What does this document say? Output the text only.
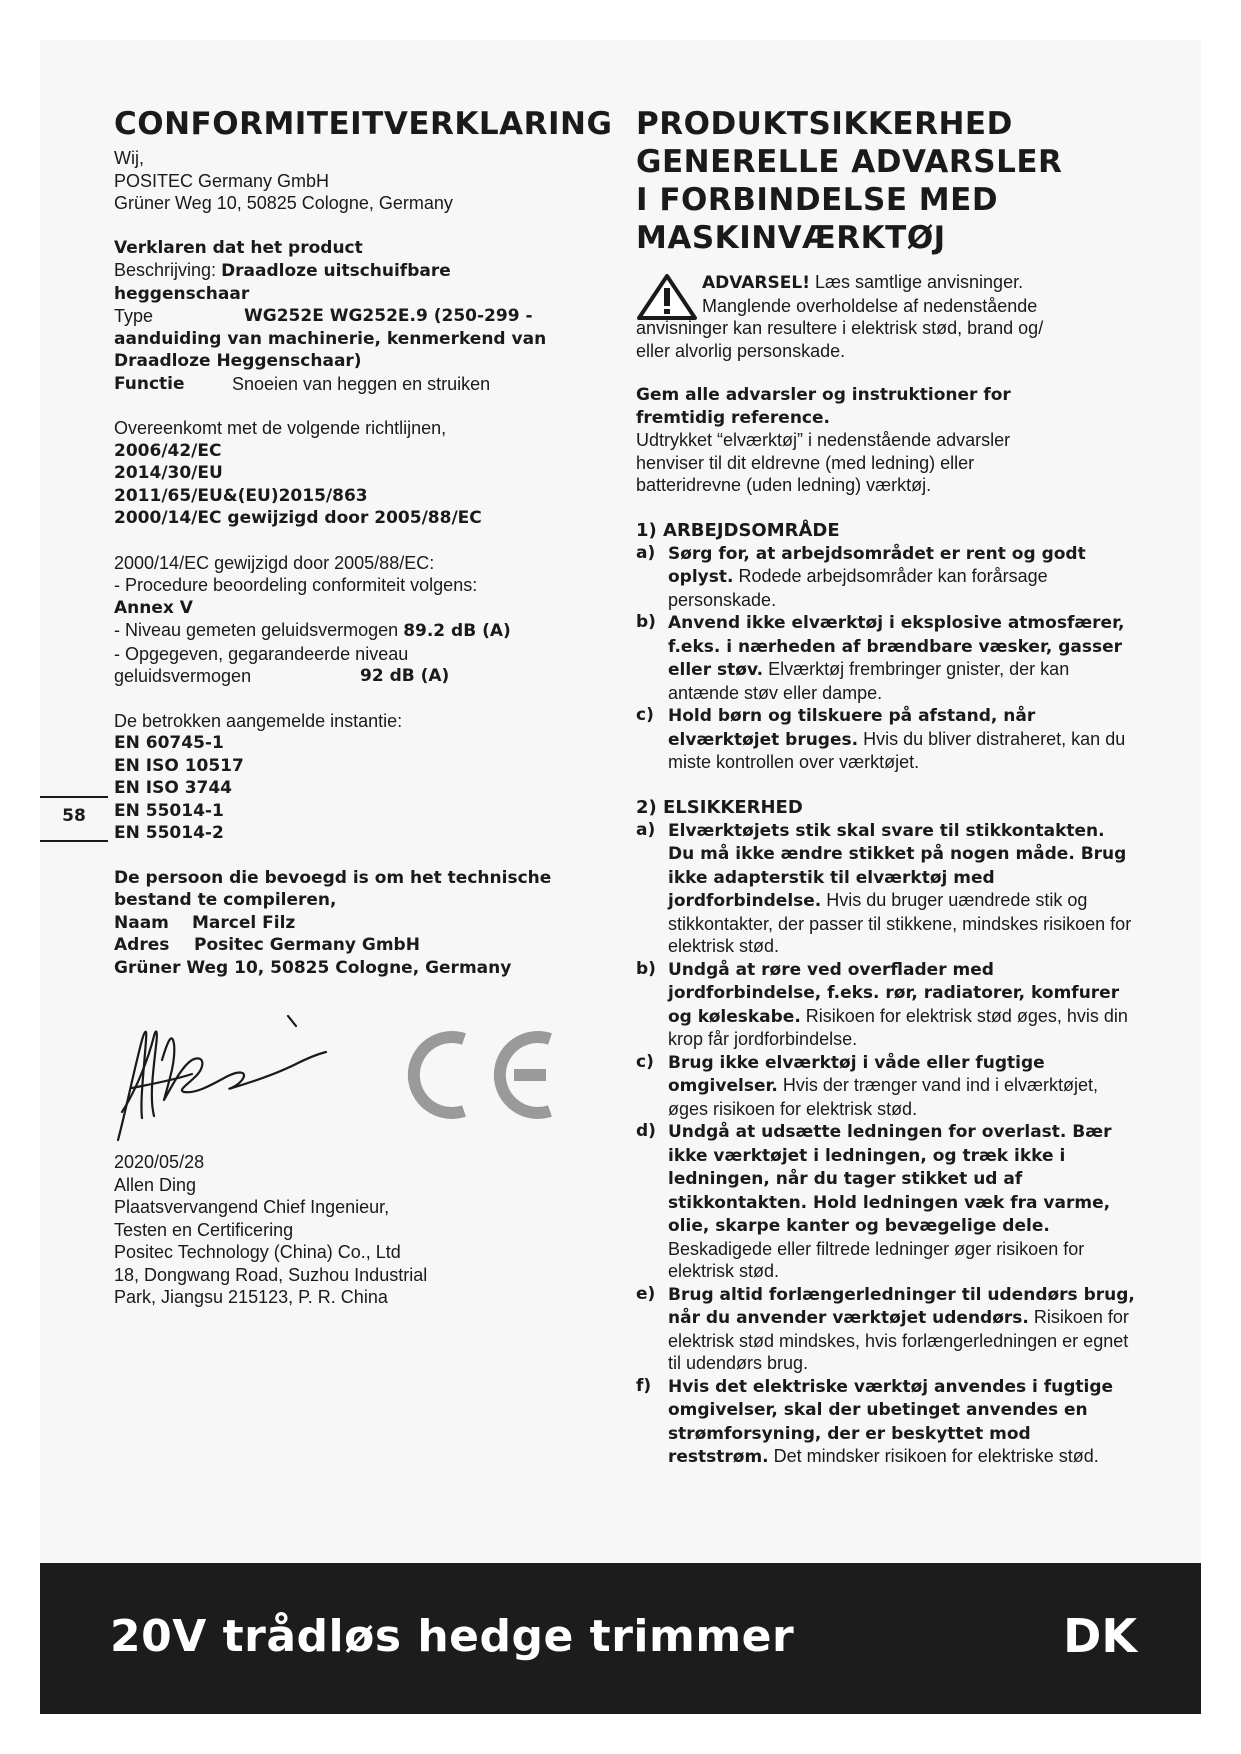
CONFORMITEITVERKLARING
Wij,
POSITEC Germany GmbH
Grüner Weg 10, 50825 Cologne, Germany
Verklaren dat het product
Beschrijving: Draadloze uitschuifbare
heggenschaar
Type	WG252E WG252E.9 (250-299 -
aanduiding van machinerie, kenmerkend van
Draadloze Heggenschaar)
Functie	Snoeien van heggen en struiken
Overeenkomt met de volgende richtlijnen,
2006/42/EC
2014/30/EU
2011/65/EU&(EU)2015/863
2000/14/EC gewijzigd door 2005/88/EC
2000/14/EC gewijzigd door 2005/88/EC:
- Procedure beoordeling conformiteit volgens:
Annex V
- Niveau gemeten geluidsvermogen 89.2 dB (A)
- Opgegeven, gegarandeerde niveau
geluidsvermogen	92 dB (A)
De betrokken aangemelde instantie:
EN 60745-1
EN ISO 10517
EN ISO 3744
EN 55014-1
EN 55014-2
De persoon die bevoegd is om het technische
bestand te compileren,
Naam	Marcel Filz
Adres	Positec Germany GmbH
Grüner Weg 10, 50825 Cologne, Germany
2020/05/28
Allen Ding
Plaatsvervangend Chief Ingenieur,
Testen en Certificering
Positec Technology (China) Co., Ltd
18, Dongwang Road, Suzhou Industrial
Park, Jiangsu 215123, P. R. China
58
PRODUKTSIKKERHED
GENERELLE ADVARSLER
I FORBINDELSE MED
MASKINVÆRKTØJ
ADVARSEL! Læs samtlige anvisninger.
Manglende overholdelse af nedenstående
anvisninger kan resultere i elektrisk stød, brand og/
eller alvorlig personskade.
Gem alle advarsler og instruktioner for
fremtidig reference.
Udtrykket “elværktøj” i nedenstående advarsler
henviser til dit eldrevne (med ledning) eller
batteridrevne (uden ledning) værktøj.
1) ARBEJDSOMRÅDE
a) Sørg for, at arbejdsområdet er rent og godt oplyst. Rodede arbejdsområder kan forårsage personskade.
b) Anvend ikke elværktøj i eksplosive atmosfærer, f.eks. i nærheden af brændbare væsker, gasser eller støv. Elværktøj frembringer gnister, der kan antænde støv eller dampe.
c) Hold børn og tilskuere på afstand, når elværktøjet bruges. Hvis du bliver distraheret, kan du miste kontrollen over værktøjet.
2) ELSIKKERHED
a) Elværktøjets stik skal svare til stikkontakten. Du må ikke ændre stikket på nogen måde. Brug ikke adapterstik til elværktøj med jordforbindelse. Hvis du bruger uændrede stik og stikkontakter, der passer til stikkene, mindskes risikoen for elektrisk stød.
b) Undgå at røre ved overflader med jordforbindelse, f.eks. rør, radiatorer, komfurer og køleskabe. Risikoen for elektrisk stød øges, hvis din krop får jordforbindelse.
c) Brug ikke elværktøj i våde eller fugtige omgivelser. Hvis der trænger vand ind i elværktøjet, øges risikoen for elektrisk stød.
d) Undgå at udsætte ledningen for overlast. Bær ikke værktøjet i ledningen, og træk ikke i ledningen, når du tager stikket ud af stikkontakten. Hold ledningen væk fra varme, olie, skarpe kanter og bevægelige dele. Beskadigede eller filtrede ledninger øger risikoen for elektrisk stød.
e) Brug altid forlængerledninger til udendørs brug, når du anvender værktøjet udendørs. Risikoen for elektrisk stød mindskes, hvis forlængerledningen er egnet til udendørs brug.
f) Hvis det elektriske værktøj anvendes i fugtige omgivelser, skal der ubetinget anvendes en strømforsyning, der er beskyttet mod reststrøm. Det mindsker risikoen for elektriske stød.
20V trådløs hedge trimmer	DK
